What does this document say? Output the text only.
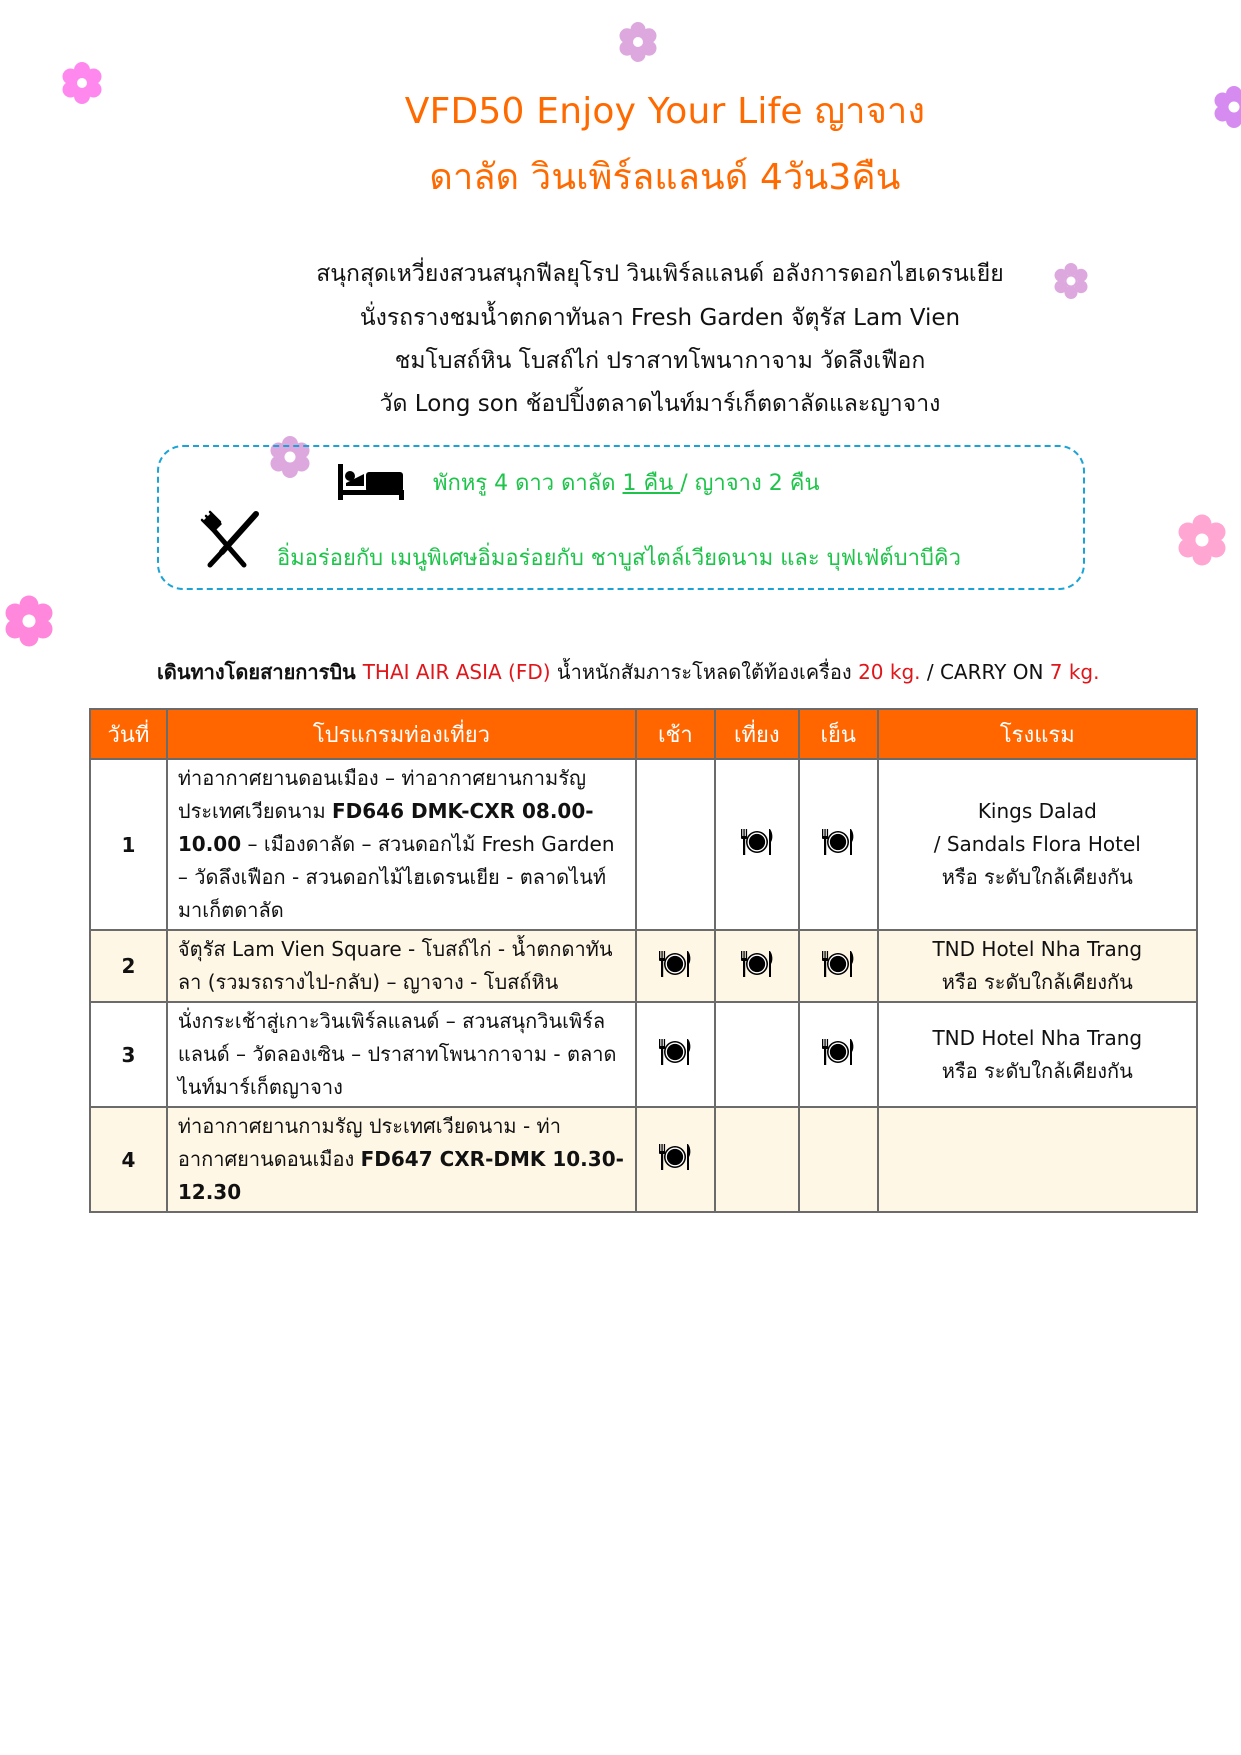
VFD50 Enjoy Your Life ญาจาง
ดาลัด วินเพิร์ลแลนด์ 4วัน3คืน
สนุกสุดเหวี่ยงสวนสนุกฟีลยุโรป วินเพิร์ลแลนด์ อลังการดอกไฮเดรนเยีย
นั่งรถรางชมน้ำตกดาทันลา Fresh Garden จัตุรัส Lam Vien
ชมโบสถ์หิน โบสถ์ไก่ ปราสาทโพนากาจาม วัดลึงเฟือก
วัด Long son ช้อปปิ้งตลาดไนท์มาร์เก็ตดาลัดและญาจาง
พักหรู 4 ดาว ดาลัด 1 คืน / ญาจาง 2 คืน
อิ่มอร่อยกับ เมนูพิเศษอิ่มอร่อยกับ ชาบูสไตล์เวียดนาม และ บุฟเฟ่ต์บาบีคิว
เดินทางโดยสายการบิน THAI AIR ASIA (FD) น้ำหนักสัมภาระโหลดใต้ท้องเครื่อง 20 kg. / CARRY ON 7 kg.
วันที่	โปรแกรมท่องเที่ยว	เช้า	เที่ยง	เย็น	โรงแรม
1	ท่าอากาศยานดอนเมือง – ท่าอากาศยานกามรัญ ประเทศเวียดนาม FD646 DMK-CXR 08.00-10.00 – เมืองดาลัด – สวนดอกไม้ Fresh Garden – วัดลึงเฟือก - สวนดอกไม้ไฮเดรนเยีย - ตลาดไนท์มาเก็ตดาลัด				Kings Dalad
/ Sandals Flora Hotel
หรือ ระดับใกล้เคียงกัน

2	จัตุรัส Lam Vien Square - โบสถ์ไก่ - น้ำตกดาทันลา (รวมรถรางไป-กลับ) – ญาจาง - โบสถ์หิน				TND Hotel Nha Trang
หรือ ระดับใกล้เคียงกัน

3	นั่งกระเช้าสู่เกาะวินเพิร์ลแลนด์ – สวนสนุกวินเพิร์ลแลนด์ – วัดลองเซิน – ปราสาทโพนากาจาม - ตลาดไนท์มาร์เก็ตญาจาง				TND Hotel Nha Trang
หรือ ระดับใกล้เคียงกัน

4	ท่าอากาศยานกามรัญ ประเทศเวียดนาม - ท่าอากาศยานดอนเมือง FD647 CXR-DMK 10.30-12.30				
